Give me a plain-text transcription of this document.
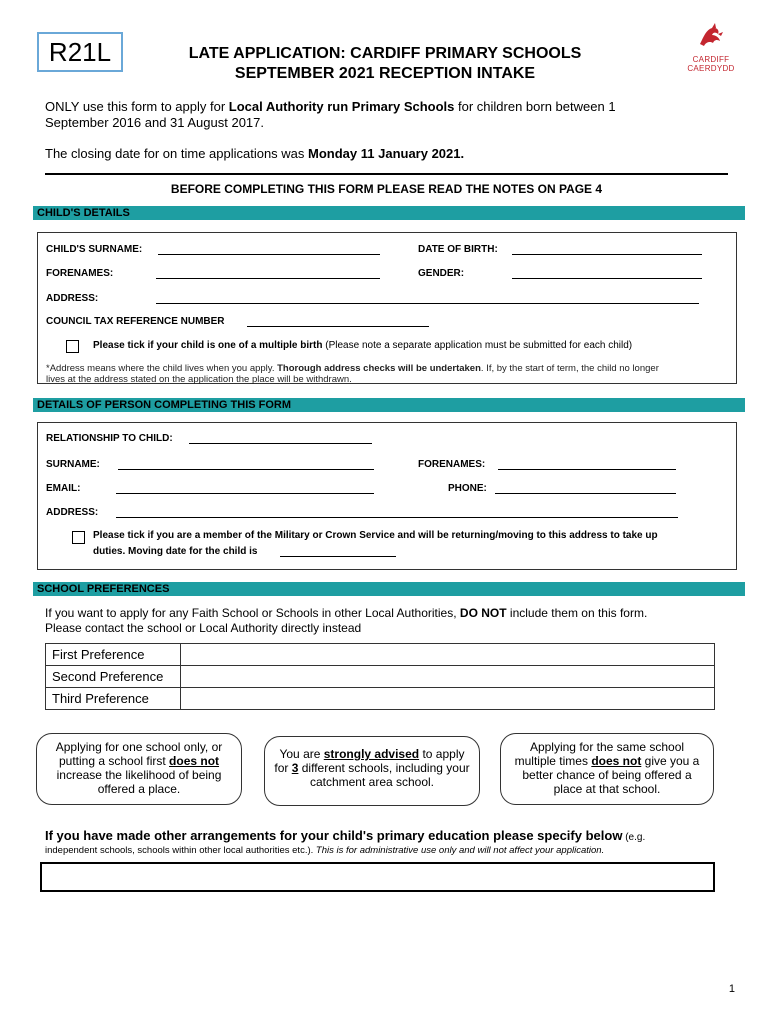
R21L	LATE APPLICATION: CARDIFF PRIMARY SCHOOLS
SEPTEMBER 2021 RECEPTION INTAKE
CARDIFF
CAERDYDD
ONLY use this form to apply for Local Authority run Primary Schools for children born between 1
September 2016 and 31 August 2017.
The closing date for on time applications was Monday 11 January 2021.
BEFORE COMPLETING THIS FORM PLEASE READ THE NOTES ON PAGE 4
CHILD'S DETAILS
CHILD'S SURNAME:	DATE OF BIRTH:
FORENAMES:	GENDER:
ADDRESS:
COUNCIL TAX REFERENCE NUMBER
Please tick if your child is one of a multiple birth (Please note a separate application must be submitted for each child)
*Address means where the child lives when you apply. Thorough address checks will be undertaken. If, by the start of term, the child no longer
lives at the address stated on the application the place will be withdrawn.
DETAILS OF PERSON COMPLETING THIS FORM
RELATIONSHIP TO CHILD:
SURNAME:	FORENAMES:
EMAIL:	PHONE:
ADDRESS:
Please tick if you are a member of the Military or Crown Service and will be returning/moving to this address to take up
duties. Moving date for the child is
SCHOOL PREFERENCES
If you want to apply for any Faith School or Schools in other Local Authorities, DO NOT include them on this form.
Please contact the school or Local Authority directly instead
First Preference	
Second Preference	
Third Preference	
Applying for one school only, or putting a school first does not increase the likelihood of being offered a place.
You are strongly advised to apply for 3 different schools, including your catchment area school.
Applying for the same school multiple times does not give you a better chance of being offered a place at that school.
If you have made other arrangements for your child's primary education please specify below (e.g.
independent schools, schools within other local authorities etc.). This is for administrative use only and will not affect your application.
1
